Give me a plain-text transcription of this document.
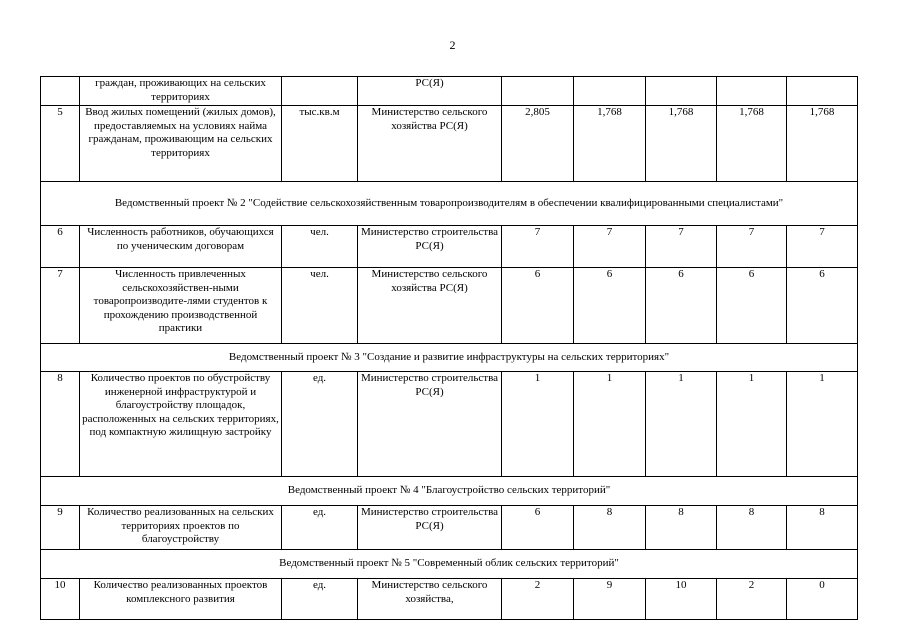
2
	граждан, проживающих на сельских территориях		РС(Я)					
5	Ввод жилых помещений (жилых домов), предоставляемых на условиях найма гражданам, проживающим на сельских территориях	тыс.кв.м	Министерство сельского хозяйства РС(Я)	2,805	1,768	1,768	1,768	1,768
Ведомственный проект № 2 "Содействие сельскохозяйственным товаропроизводителям в обеспечении квалифицированными специалистами"								
6	Численность работников, обучающихся по ученическим договорам	чел.	Министерство строительства РС(Я)	7	7	7	7	7
7	Численность привлеченных сельскохозяйствен-ными товаропроизводите-лями студентов к прохождению производственной практики	чел.	Министерство сельского хозяйства РС(Я)	6	6	6	6	6
Ведомственный проект № 3 "Создание и развитие инфраструктуры на сельских территориях"								
8	Количество проектов по обустройству инженерной инфраструктурой и благоустройству площадок, расположенных на сельских территориях, под компактную жилищную застройку	ед.	Министерство строительства РС(Я)	1	1	1	1	1
Ведомственный проект № 4 "Благоустройство сельских территорий"								
9	Количество реализованных на сельских территориях проектов по благоустройству	ед.	Министерство строительства РС(Я)	6	8	8	8	8
Ведомственный проект № 5 "Современный облик сельских территорий"								
10	Количество реализованных проектов комплексного развития	ед.	Министерство сельского хозяйства,	2	9	10	2	0
